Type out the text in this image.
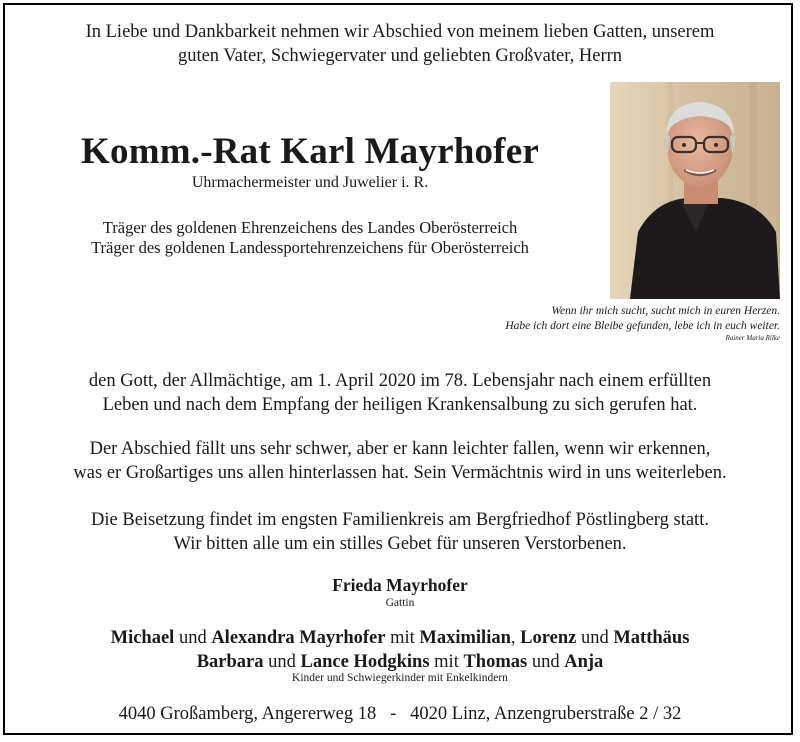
In Liebe und Dankbarkeit nehmen wir Abschied von meinem lieben Gatten, unserem
guten Vater, Schwiegervater und geliebten Großvater, Herrn
Komm.-Rat Karl Mayrhofer
Uhrmachermeister und Juwelier i. R.
Träger des goldenen Ehrenzeichens des Landes Oberösterreich
Träger des goldenen Landessportehrenzeichens für Oberösterreich
Wenn ihr mich sucht, sucht mich in euren Herzen.
Habe ich dort eine Bleibe gefunden, lebe ich in euch weiter.
Rainer Maria Rilke
den Gott, der Allmächtige, am 1. April 2020 im 78. Lebensjahr nach einem erfüllten
Leben und nach dem Empfang der heiligen Krankensalbung zu sich gerufen hat.
Der Abschied fällt uns sehr schwer, aber er kann leichter fallen, wenn wir erkennen,
was er Großartiges uns allen hinterlassen hat. Sein Vermächtnis wird in uns weiterleben.
Die Beisetzung findet im engsten Familienkreis am Bergfriedhof Pöstlingberg statt.
Wir bitten alle um ein stilles Gebet für unseren Verstorbenen.
Frieda Mayrhofer
Gattin
Michael und Alexandra Mayrhofer mit Maximilian, Lorenz und Matthäus
Barbara und Lance Hodgkins mit Thomas und Anja
Kinder und Schwiegerkinder mit Enkelkindern
4040 Großamberg, Angererweg 18   -   4020 Linz, Anzengruberstraße 2 / 32
